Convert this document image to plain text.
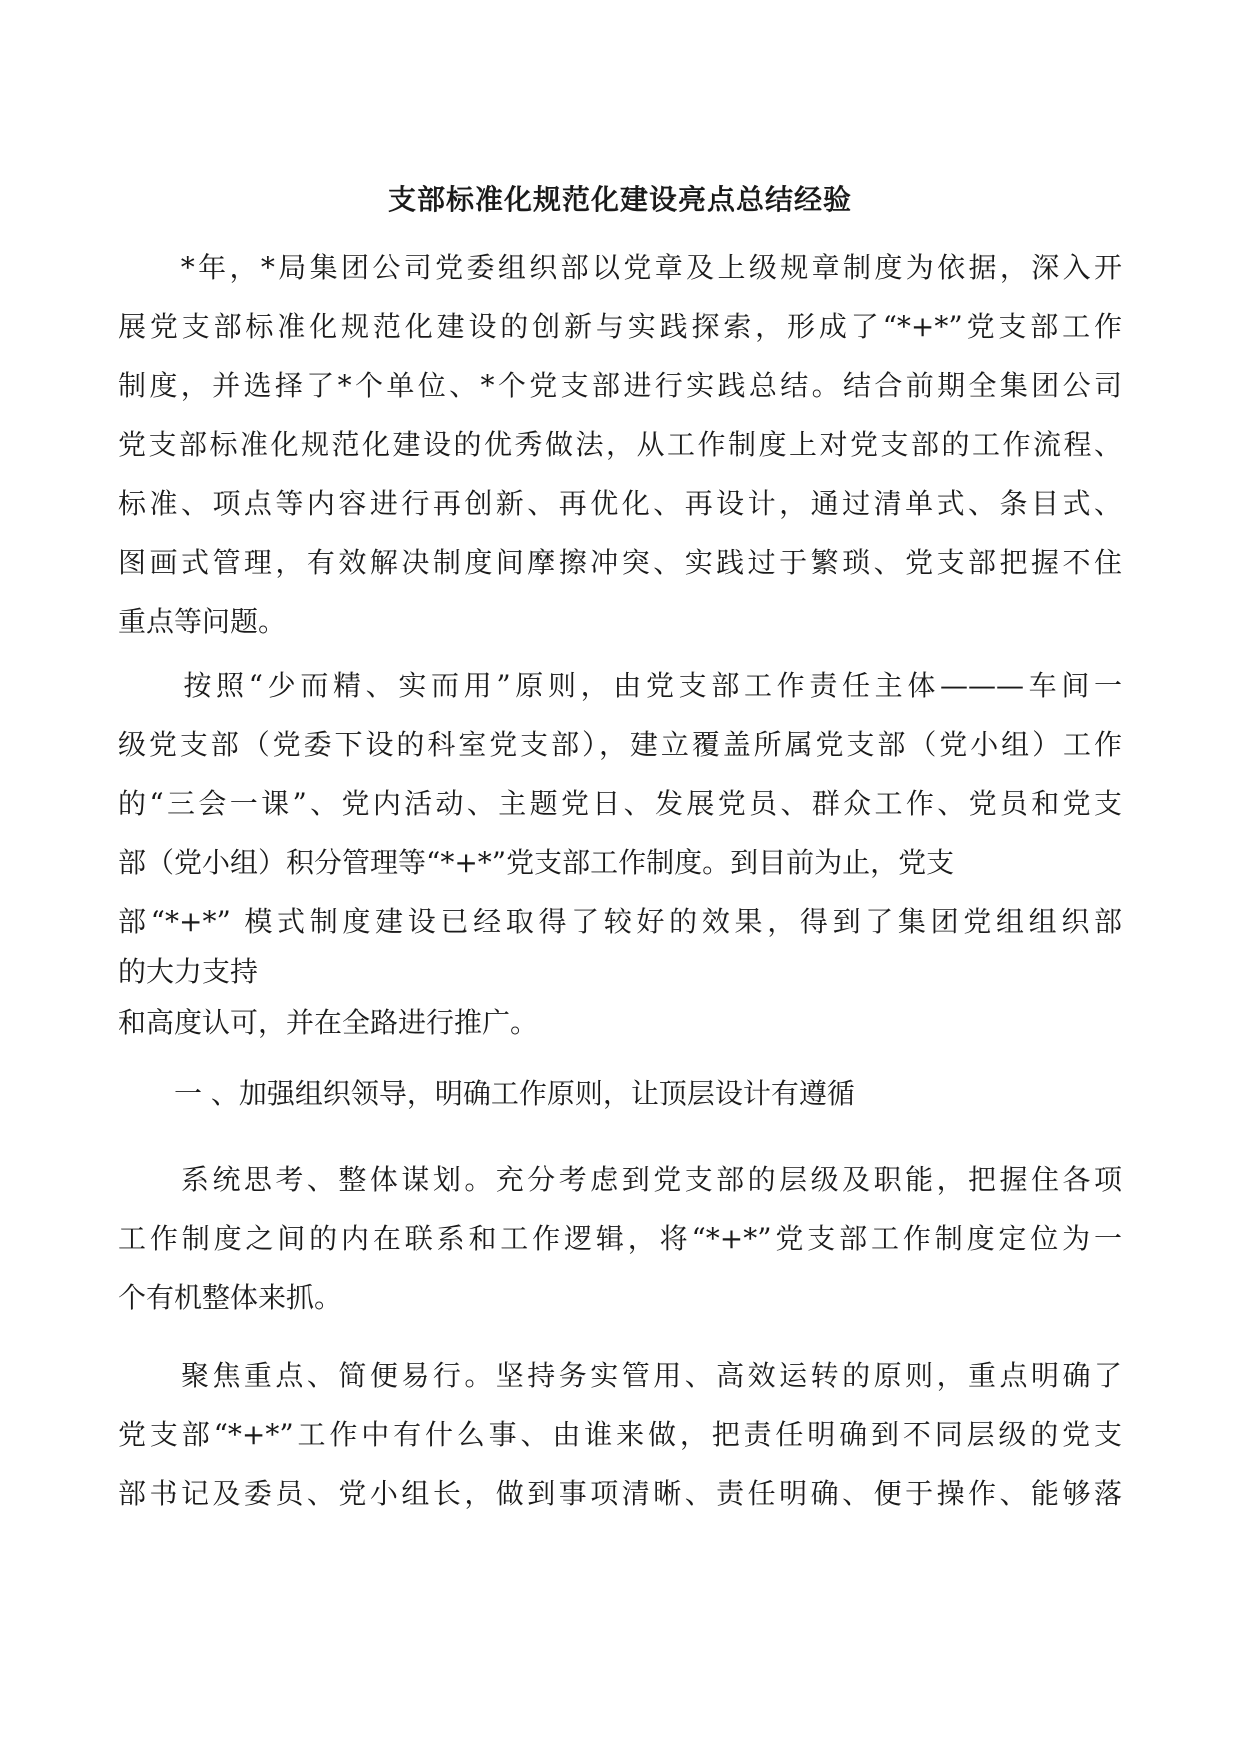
支部标准化规范化建设亮点总结经验
　　*年，*局集团公司党委组织部以党章及上级规章制度为依据，深入开
展党支部标准化规范化建设的创新与实践探索，形成了“*+*”党支部工作
制度，并选择了*个单位、*个党支部进行实践总结。结合前期全集团公司
党支部标准化规范化建设的优秀做法，从工作制度上对党支部的工作流程、
标准、项点等内容进行再创新、再优化、再设计，通过清单式、条目式、
图画式管理，有效解决制度间摩擦冲突、实践过于繁琐、党支部把握不住
重点等问题。
　　按照“少而精、实而用”原则，由党支部工作责任主体———车间一
级党支部（党委下设的科室党支部），建立覆盖所属党支部（党小组）工作
的“三会一课”、党内活动、主题党日、发展党员、群众工作、党员和党支
部（党小组）积分管理等“*+*”党支部工作制度。到目前为止，党支
部“*+*” 模式制度建设已经取得了较好的效果，得到了集团党组组织部
的大力支持
和高度认可，并在全路进行推广。
　　一 、加强组织领导，明确工作原则，让顶层设计有遵循
　　系统思考、整体谋划。充分考虑到党支部的层级及职能，把握住各项
工作制度之间的内在联系和工作逻辑，将“*+*”党支部工作制度定位为一
个有机整体来抓。
　　聚焦重点、简便易行。坚持务实管用、高效运转的原则，重点明确了
党支部“*+*”工作中有什么事、由谁来做，把责任明确到不同层级的党支
部书记及委员、党小组长，做到事项清晰、责任明确、便于操作、能够落
